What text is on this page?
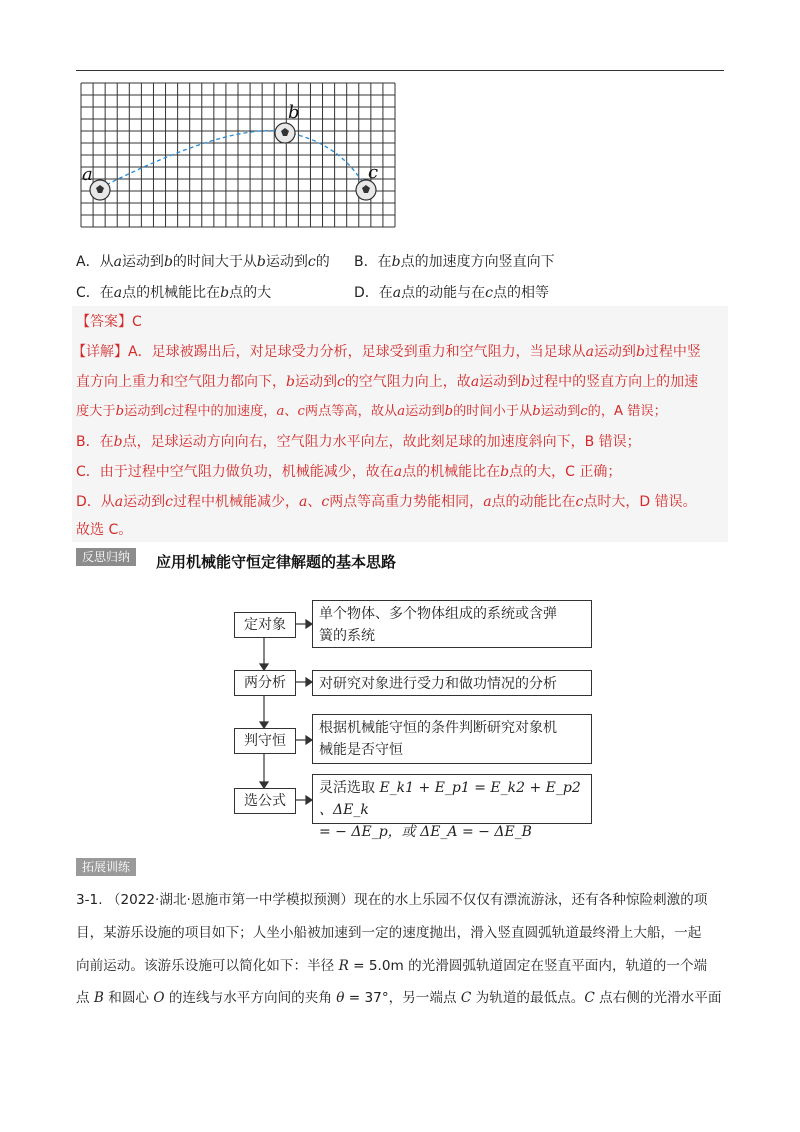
a
b
c
A．从a运动到b的时间大于从b运动到c的 B．在b点的加速度方向竖直向下
C．在a点的机械能比在b点的大	D．在a点的动能与在c点的相等
【答案】C
【详解】A．足球被踢出后，对足球受力分析，足球受到重力和空气阻力，当足球从a运动到b过程中竖
直方向上重力和空气阻力都向下，b运动到c的空气阻力向上，故a运动到b过程中的竖直方向上的加速
度大于b运动到c过程中的加速度，a、c两点等高，故从a运动到b的时间小于从b运动到c的，A 错误；
B．在b点，足球运动方向向右，空气阻力水平向左，故此刻足球的加速度斜向下，B 错误；
C．由于过程中空气阻力做负功，机械能减少，故在a点的机械能比在b点的大，C 正确；
D．从a运动到c过程中机械能减少，a、c两点等高重力势能相同，a点的动能比在c点时大，D 错误。
故选 C。
反思归纳	应用机械能守恒定律解题的基本思路
定对象
单个物体、多个物体组成的系统或含弹
簧的系统
两分析	对研究对象进行受力和做功情况的分析
判守恒
根据机械能守恒的条件判断研究对象机
械能是否守恒
选公式
灵活选取 E_k1 + E_p1 = E_k2 + E_p2 、ΔE_k
= − ΔE_p，或 ΔE_A = − ΔE_B
拓展训练
3-1. （2022·湖北·恩施市第一中学模拟预测）现在的水上乐园不仅仅有漂流游泳，还有各种惊险刺激的项
目，某游乐设施的项目如下；人坐小船被加速到一定的速度抛出，滑入竖直圆弧轨道最终滑上大船，一起
向前运动。该游乐设施可以简化如下：半径 R = 5.0m 的光滑圆弧轨道固定在竖直平面内，轨道的一个端
点 B 和圆心 O 的连线与水平方向间的夹角 θ = 37°，另一端点 C 为轨道的最低点。C 点右侧的光滑水平面
